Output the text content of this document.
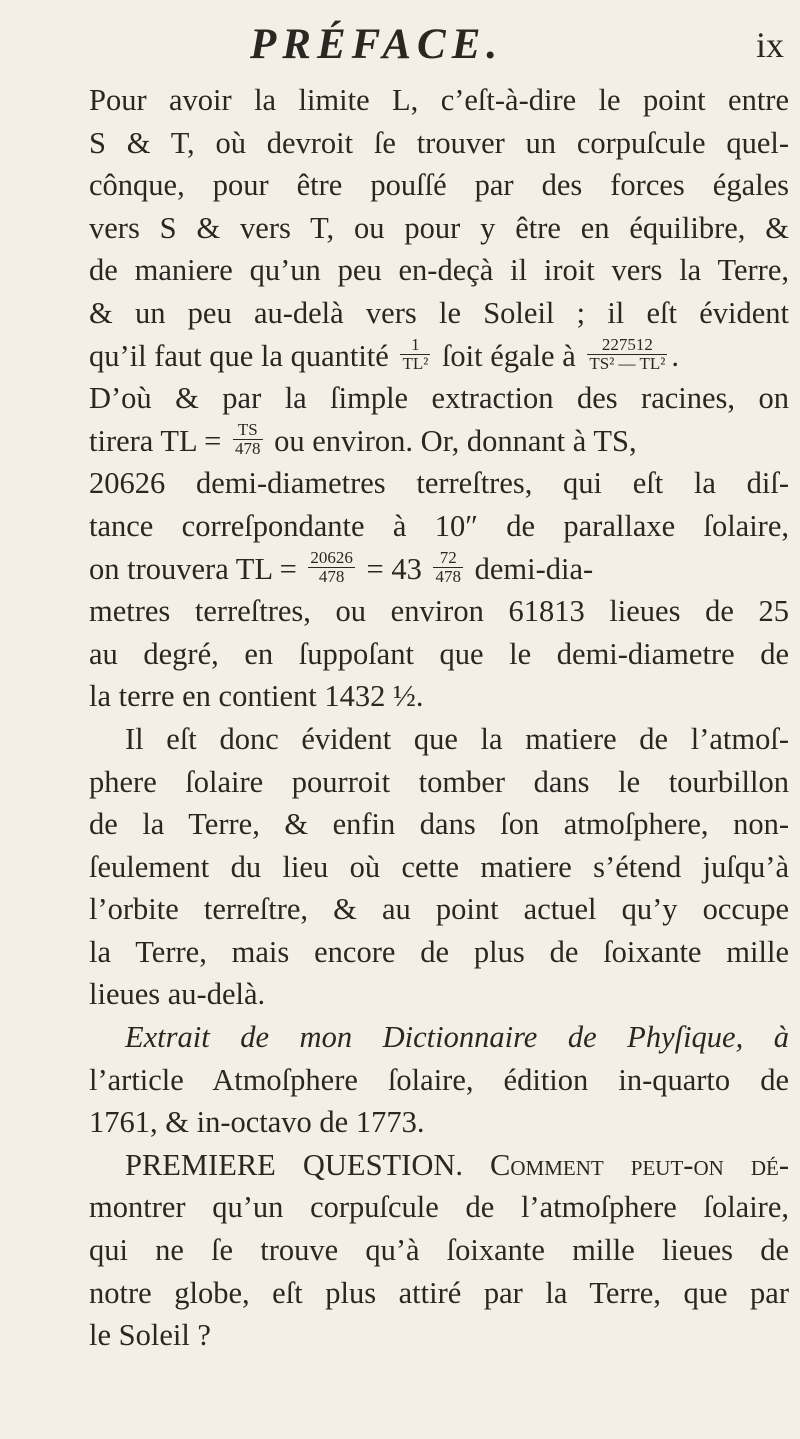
PRÉFACE.	ix
Pour avoir la limite L, c’eſt-à-dire le point entre
S & T, où devroit ſe trouver un corpuſcule quel-
cônque, pour être pouſſé par des forces égales
vers S & vers T, ou pour y être en équilibre, &
de maniere qu’un peu en-deçà il iroit vers la Terre,
& un peu au-delà vers le Soleil ; il eſt évident
qu’il faut que la quantité $\frac{1}{\text{TL²}}$ ſoit égale à $\frac{227512}{\text{TS² — TL²}}$ .
D’où & par la ſimple extraction des racines, on
tirera TL = $\frac{TS}{478}$ ou environ. Or, donnant à TS,
20626 demi-diametres terreſtres, qui eſt la diſ-
tance correſpondante à 10″ de parallaxe ſolaire,
on trouvera TL = $\frac{20626}{478} = 43 \frac{72}{478}$ demi-dia-
metres terreſtres, ou environ 61813 lieues de 25
au degré, en ſuppoſant que le demi-diametre de
la terre en contient 1432 ½.
Il eſt donc évident que la matiere de l’atmoſ-
phere ſolaire pourroit tomber dans le tourbillon
de la Terre, & enfin dans ſon atmoſphere, non-
ſeulement du lieu où cette matiere s’étend juſqu’à
l’orbite terreſtre, & au point actuel qu’y occupe
la Terre, mais encore de plus de ſoixante mille
lieues au-delà.
Extrait de mon Dictionnaire de Phyſique, à
l’article Atmoſphere ſolaire, édition in-quarto de
1761, & in-octavo de 1773.
PREMIERE QUESTION. Comment peut-on dé-
montrer qu’un corpuſcule de l’atmoſphere ſolaire,
qui ne ſe trouve qu’à ſoixante mille lieues de
notre globe, eſt plus attiré par la Terre, que par
le Soleil ?
